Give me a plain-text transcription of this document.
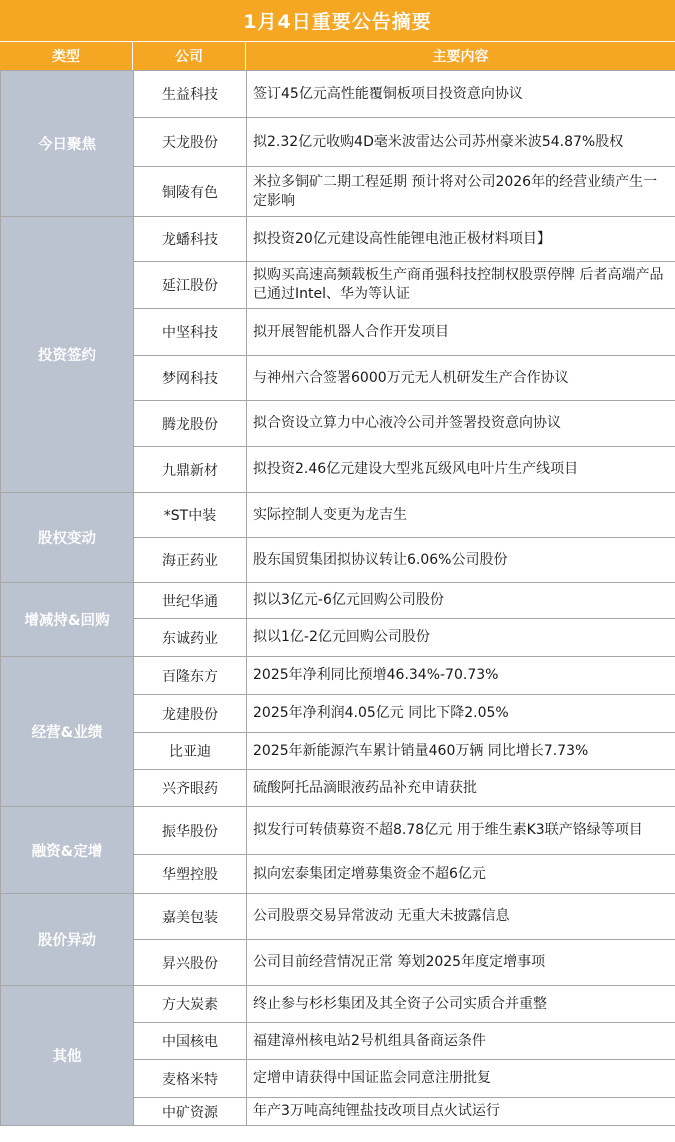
1月4日重要公告摘要
类型	公司	主要内容
今日聚焦	生益科技	签订45亿元高性能覆铜板项目投资意向协议
	天龙股份	拟2.32亿元收购4D毫米波雷达公司苏州豪米波54.87%股权
	铜陵有色	米拉多铜矿二期工程延期 预计将对公司2026年的经营业绩产生一定影响
投资签约	龙蟠科技	拟投资20亿元建设高性能锂电池正极材料项目】
	延江股份	拟购买高速高频载板生产商甬强科技控制权股票停牌 后者高端产品已通过Intel、华为等认证
	中坚科技	拟开展智能机器人合作开发项目
	梦网科技	与神州六合签署6000万元无人机研发生产合作协议
	腾龙股份	拟合资设立算力中心液冷公司并签署投资意向协议
	九鼎新材	拟投资2.46亿元建设大型兆瓦级风电叶片生产线项目
股权变动	*ST中装	实际控制人变更为龙吉生
	海正药业	股东国贸集团拟协议转让6.06%公司股份
增减持&回购	世纪华通	拟以3亿元-6亿元回购公司股份
	东诚药业	拟以1亿-2亿元回购公司股份
经营&业绩	百隆东方	2025年净利同比预增46.34%-70.73%
	龙建股份	2025年净利润4.05亿元 同比下降2.05%
	比亚迪	2025年新能源汽车累计销量460万辆 同比增长7.73%
	兴齐眼药	硫酸阿托品滴眼液药品补充申请获批
融资&定增	振华股份	拟发行可转债募资不超8.78亿元 用于维生素K3联产铬绿等项目
	华塑控股	拟向宏泰集团定增募集资金不超6亿元
股价异动	嘉美包装	公司股票交易异常波动 无重大未披露信息
	昇兴股份	公司目前经营情况正常 筹划2025年度定增事项
其他	方大炭素	终止参与杉杉集团及其全资子公司实质合并重整
	中国核电	福建漳州核电站2号机组具备商运条件
	麦格米特	定增申请获得中国证监会同意注册批复
	中矿资源	年产3万吨高纯锂盐技改项目点火试运行
